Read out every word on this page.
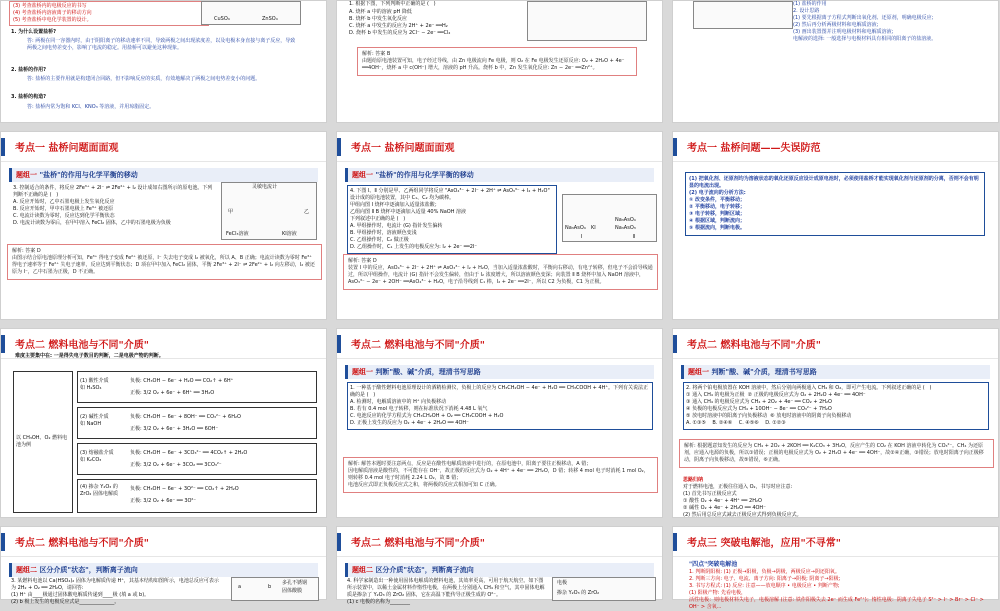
(3) 考查盐桥内的电极反应的书写
(4) 考查盐桥内溶液离子的移动方向
(5) 考查盐桥中电化学装置的设计。	CuSO₄	ZnSO₄
1. 为什么设置盐桥?
答: 两极在同一容器内时，由于阴阳离子的移动速率不同，导致两极之间出现浓度差，以及电极本身直接与离子反应，导致两极之间电势差变小，影响了电流的稳定。用盐桥可以避免这种现象。
2. 盐桥的作用?
答: 盐桥的主要作用就是构建闭合回路，但不影响反应的实质，有效地解决了两极之间电势差变小的问题。
3. 盐桥的构造?
答: 盐桥内常为饱和 KCl、KNO₃ 等溶液，并用琼脂固定。
1. 根据下图，下列判断中正确的是 (   )
A. 烧杯 a 中的溶液 pH 降低
B. 烧杯 b 中发生氧化反应
C. 烧杯 a 中发生的反应为 2H⁺ + 2e⁻ ══H₂
D. 烧杯 b 中发生的反应为 2Cl⁻ − 2e⁻ ══Cl₂
解析: 答案 B
由题给原电池装置可知，电子经过导线，由 Zn 电极流向 Fe 电极，则 O₂ 在 Fe 电极发生还原反应: O₂ + 2H₂O + 4e⁻ ══4OH⁻，烧杯 a 中 c(OH⁻) 增大，溶液的 pH 升高。烧杯 b 中，Zn 发生氧化反应: Zn − 2e⁻ ══Zn²⁺。
(1) 盐桥的作用
2. 设计思路
(1) 要先根据离子方程式判断出氧化剂、还原剂，明确电极反应;
(2) 然后再分析两极材料和电解质溶液;
(3) 画出装置图并注明电极材料和电解质溶液;
电解液的选择: 一般选择与电极材料具有相同的阳离子的盐溶液。
考点一 盐桥问题面面观
题组一 "盐桥"的作用与化学平衡的移动
3. 控制适合的条件，将反应 2Fe³⁺ + 2I⁻ ⇌ 2Fe²⁺ + I₂ 设计成如右图所示的原电池。下列判断不正确的是 (   )
A. 反应开始时，乙中石墨电极上发生氧化反应
B. 反应开始时，甲中石墨电极上 Fe³⁺ 被还原
C. 电流计读数为零时，反应达到化学平衡状态
D. 电流计读数为零后，在甲中溶入 FeCl₂ 固体，乙中的石墨电极为负极
灵敏电流计
甲	乙
FeCl₃溶液	KI溶液
解析: 答案 D
由图示结合原电池原理分析可知，Fe³⁺ 得电子变成 Fe²⁺ 被还原，I⁻ 失去电子变成 I₂ 被氧化，所以 A、B 正确；电流计读数为零时 Fe³⁺ 得电子速率等于 Fe²⁺ 失电子速率，反应达到平衡状态；D 项在甲中加入 FeCl₂ 固体，平衡 2Fe³⁺ + 2I⁻ ⇌ 2Fe²⁺ + I₂ 向左移动，I₂ 被还原为 I⁻，乙中石墨为正极，D 不正确。
考点一 盐桥问题面面观
题组一 "盐桥"的作用与化学平衡的移动
4. 下图 Ⅰ、Ⅱ 分别是甲、乙两组同学将反应 "AsO₄³⁻ + 2I⁻ + 2H⁺ ⇌ AsO₃³⁻ + I₂ + H₂O" 设计成的原电池装置，其中 C₁、C₂ 均为碳棒。
甲组向图 Ⅰ 烧杯中逐滴加入适量浓盐酸；
乙组向图 Ⅱ B 烧杯中逐滴加入适量 40% NaOH 溶液
下列叙述中正确的是 (   )
A. 甲组操作时，电流计 (G) 指针发生偏转
B. 甲组操作时，溶液颜色变浅
C. 乙组操作时，C₂ 做正极
D. 乙组操作时，C₁ 上发生的电极反应为: I₂ + 2e⁻ ══2I⁻
Na₃AsO₄ KI
Na₃AsO₄
Na₃AsO₃
Ⅰ	Ⅱ
解析: 答案 D
装置 Ⅰ 中的反应，AsO₄³⁻ + 2I⁻ + 2H⁺ ⇌ AsO₃³⁻ + I₂ + H₂O，当加入适量浓盐酸时，平衡向右移动，有电子转移，但电子不会沿导线通过，所以甲组操作，电流计 (G) 指针不会发生偏转，但由于 I₂ 浓度增大，所以溶液颜色变深；向装置 Ⅱ B 烧杯中加入 NaOH 溶液中，AsO₃³⁻ − 2e⁻ + 2OH⁻ ══AsO₄³⁻ + H₂O，电子沿导线到 C₁ 棒，I₂ + 2e⁻ ══2I⁻，所以 C2 为负极，C1 为正极。
考点一 盐桥问题——失误防范
(1) 把氧化剂、还原剂均为溶液状态的氧化还原反应设计成原电池时，必须使用盐桥才能实现氧化剂与还原剂的分离，否则不会有明显的电流出现。
(2) 电子流向的分析方法:
① 改变条件，平衡移动；
② 平衡移动，电子转移；
③ 电子转移，判断区域；
④ 根据区域，判断流向；
⑤ 根据流向，判断电极。
考点二 燃料电池与不同"介质"
难度主要集中在: 一是得失电子数目的判断，二是电极产物的判断。
以 CH₃OH、O₂ 燃料电池为例
(1) 酸性介质
如 H₂SO₄
负极: CH₃OH − 6e⁻ + H₂O ══ CO₂↑ + 6H⁺
正极: 3/2 O₂ + 6e⁻ + 6H⁺ ══ 3H₂O
(2) 碱性介质
如 NaOH
负极: CH₃OH − 6e⁻ + 8OH⁻ ══ CO₃²⁻ + 6H₂O
正极: 3/2 O₂ + 6e⁻ + 3H₂O ══ 6OH⁻
(3) 熔融盐介质
如 K₂CO₃
负极: CH₃OH − 6e⁻ + 3CO₃²⁻ ══ 4CO₂↑ + 2H₂O
正极: 3/2 O₂ + 6e⁻ + 3CO₂ ══ 3CO₃²⁻
(4) 掺杂 Y₂O₃ 的 ZrO₂ 固体电解质
负极: CH₃OH − 6e⁻ + 3O²⁻ ══ CO₂↑ + 2H₂O
正极: 3/2 O₂ + 6e⁻ ══ 3O²⁻
考点二 燃料电池与不同"介质"
题组一 判断"酸、碱"介质，理清书写思路
1. 一种基于酸性燃料电池原理设计的酒精检测仪，负极上的反应为 CH₃CH₂OH − 4e⁻ + H₂O ══ CH₃COOH + 4H⁺。下列有关说法正确的是 (   )
A. 检测时，电解质溶液中的 H⁺ 向负极移动
B. 若有 0.4 mol 电子转移，则在标准状况下消耗 4.48 L 氧气
C. 电池反应的化学方程式为 CH₃CH₂OH + O₂ ══ CH₃COOH + H₂O
D. 正极上发生的反应为 O₂ + 4e⁻ + 2H₂O ══ 4OH⁻
解析: 解答本题时要注意两点，反应是在酸性电解质溶液中进行的，在原电池中，阳离子要往正极移动，A 错；
因电解质溶液是酸性的，不可能存在 OH⁻，故正极的反应式为 O₂ + 4H⁺ + 4e⁻ ══ 2H₂O，D 错；转移 4 mol 电子时消耗 1 mol O₂，则转移 0.4 mol 电子时消耗 2.24 L O₂，故 B 错；
电池反应式即正负极反应式之和，将两极的反应式相加可知 C 正确。
考点二 燃料电池与不同"介质"
题组一 判断"酸、碱"介质，理清书写思路
2. 将两个铂电极放置在 KOH 溶液中，然后分别向两极通入 CH₄ 和 O₂，即可产生电流。下列叙述正确的是 (   )
① 通入 CH₄ 的电极为正极  ② 正极的电极反应式为 O₂ + 2H₂O + 4e⁻ ══ 4OH⁻
③ 通入 CH₄ 的电极反应式为 CH₄ + 2O₂ + 4e⁻ ══ CO₂ + 2H₂O
④ 负极的电极反应式为 CH₄ + 10OH⁻ − 8e⁻ ══ CO₃²⁻ + 7H₂O
⑤ 放电时溶液中的阳离子向负极移动  ⑥ 放电时溶液中的阴离子向负极移动
A. ①③⑤    B. ②④⑥    C. ④⑤⑥    D. ①②③
解析: 根据题意知发生的反应为 CH₄ + 2O₂ + 2KOH ══ K₂CO₃ + 3H₂O，反应产生的 CO₂ 在 KOH 溶液中转化为 CO₃²⁻。CH₄ 为还原剂，应通入电源的负极，所以①错误；正极的电极反应式为 O₂ + 2H₂O + 4e⁻ ══ 4OH⁻，故②④正确，③错误；放电时阳离子向正极移动，阴离子向负极移动，故⑤错误，⑥正确。
思路归纳
对于燃料电池，正极往往通入 O₂，书写时应注意:
(1) 首先书写正极反应式
① 酸性 O₂ + 4e⁻ + 4H⁺ ══ 2H₂O
② 碱性 O₂ + 4e⁻ + 2H₂O ══ 4OH⁻
(2) 然后用总反应式减去正极反应式得到负极反应式。
考点二 燃料电池与不同"介质"
题组二 区分介质"状态"，判断离子流向
3. 某燃料电池以 Ca(HSO₄)₂ 固体为电解质传递 H⁺，其基本结构如图所示，电池总反应可表示为 2H₂ + O₂ ══ 2H₂O，请回答:
(1) H⁺ 由____极通过固体酸电解质传递到____极 (填 a 或 b)。
(2) b 极上发生的电极反应式是______________。
多孔不锈钢
固体酸膜
a	b
考点二 燃料电池与不同"介质"
题组二 区分介质"状态"，判断离子流向
4. 科学家制造出一种使用固体电解质的燃料电池，其效率更高，可用于航天航空。如下图所示装置中，以稀土金属材料作惰性电极，在两极上分别通入 CH₄ 和空气，其中固体电解质是掺杂了 Y₂O₃ 的 ZrO₂ 固体，它在高温下能传导正极生成的 O²⁻。
(1) c 电极的名称为________
电极
掺杂 Y₂O₃ 的 ZrO₂
考点三 突破电解池，应用"不寻常"
"四点"突破电解池
1. 判断阴阳极: (1) 正极→阳极，负极→阴极，两极反应→阴还阳氧。
2. 判断三方向: 电子、电流、离子方向: 阳离子→阴极; 阴离子→阳极;
3. 书写方程式: (1) 反应: 注意——放电顺序 • 电极反应 • 判断产物;
(1) 阳极产物: 先看电极，
活性电极：则电极材料失电子，电极溶解 (注意: 铁作阳极失去 2e⁻ 而生成 Fe²⁺)；惰性电极：阴离子失电子 S²⁻ > I⁻ > Br⁻ > Cl⁻ > OH⁻ > 含氧...
